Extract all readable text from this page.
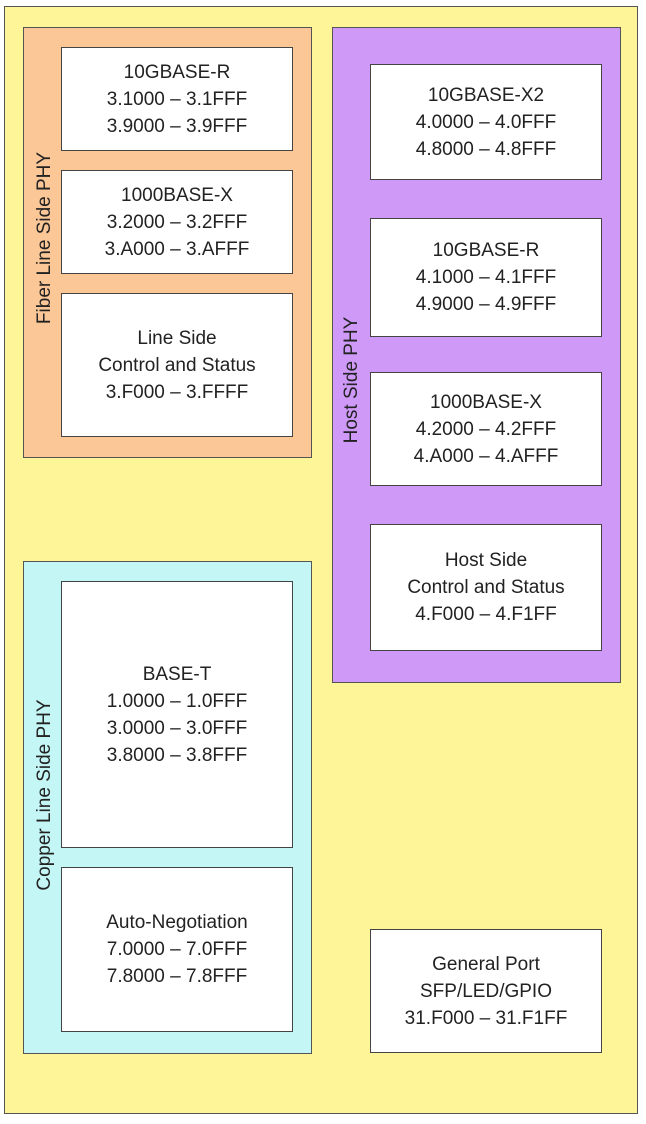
Fiber Line Side PHY
10GBASE-R
3.1000 – 3.1FFF
3.9000 – 3.9FFF
1000BASE-X
3.2000 – 3.2FFF
3.A000 – 3.AFFF
Line Side
Control and Status
3.F000 – 3.FFFF	Host Side PHY
10GBASE-X2
4.0000 – 4.0FFF
4.8000 – 4.8FFF
10GBASE-R
4.1000 – 4.1FFF
4.9000 – 4.9FFF
1000BASE-X
4.2000 – 4.2FFF
4.A000 – 4.AFFF
Host Side
Control and Status
4.F000 – 4.F1FF
Copper Line Side PHY
BASE-T
1.0000 – 1.0FFF
3.0000 – 3.0FFF
3.8000 – 3.8FFF
Auto-Negotiation
7.0000 – 7.0FFF
7.8000 – 7.8FFF
General Port
SFP/LED/GPIO
31.F000 – 31.F1FF
